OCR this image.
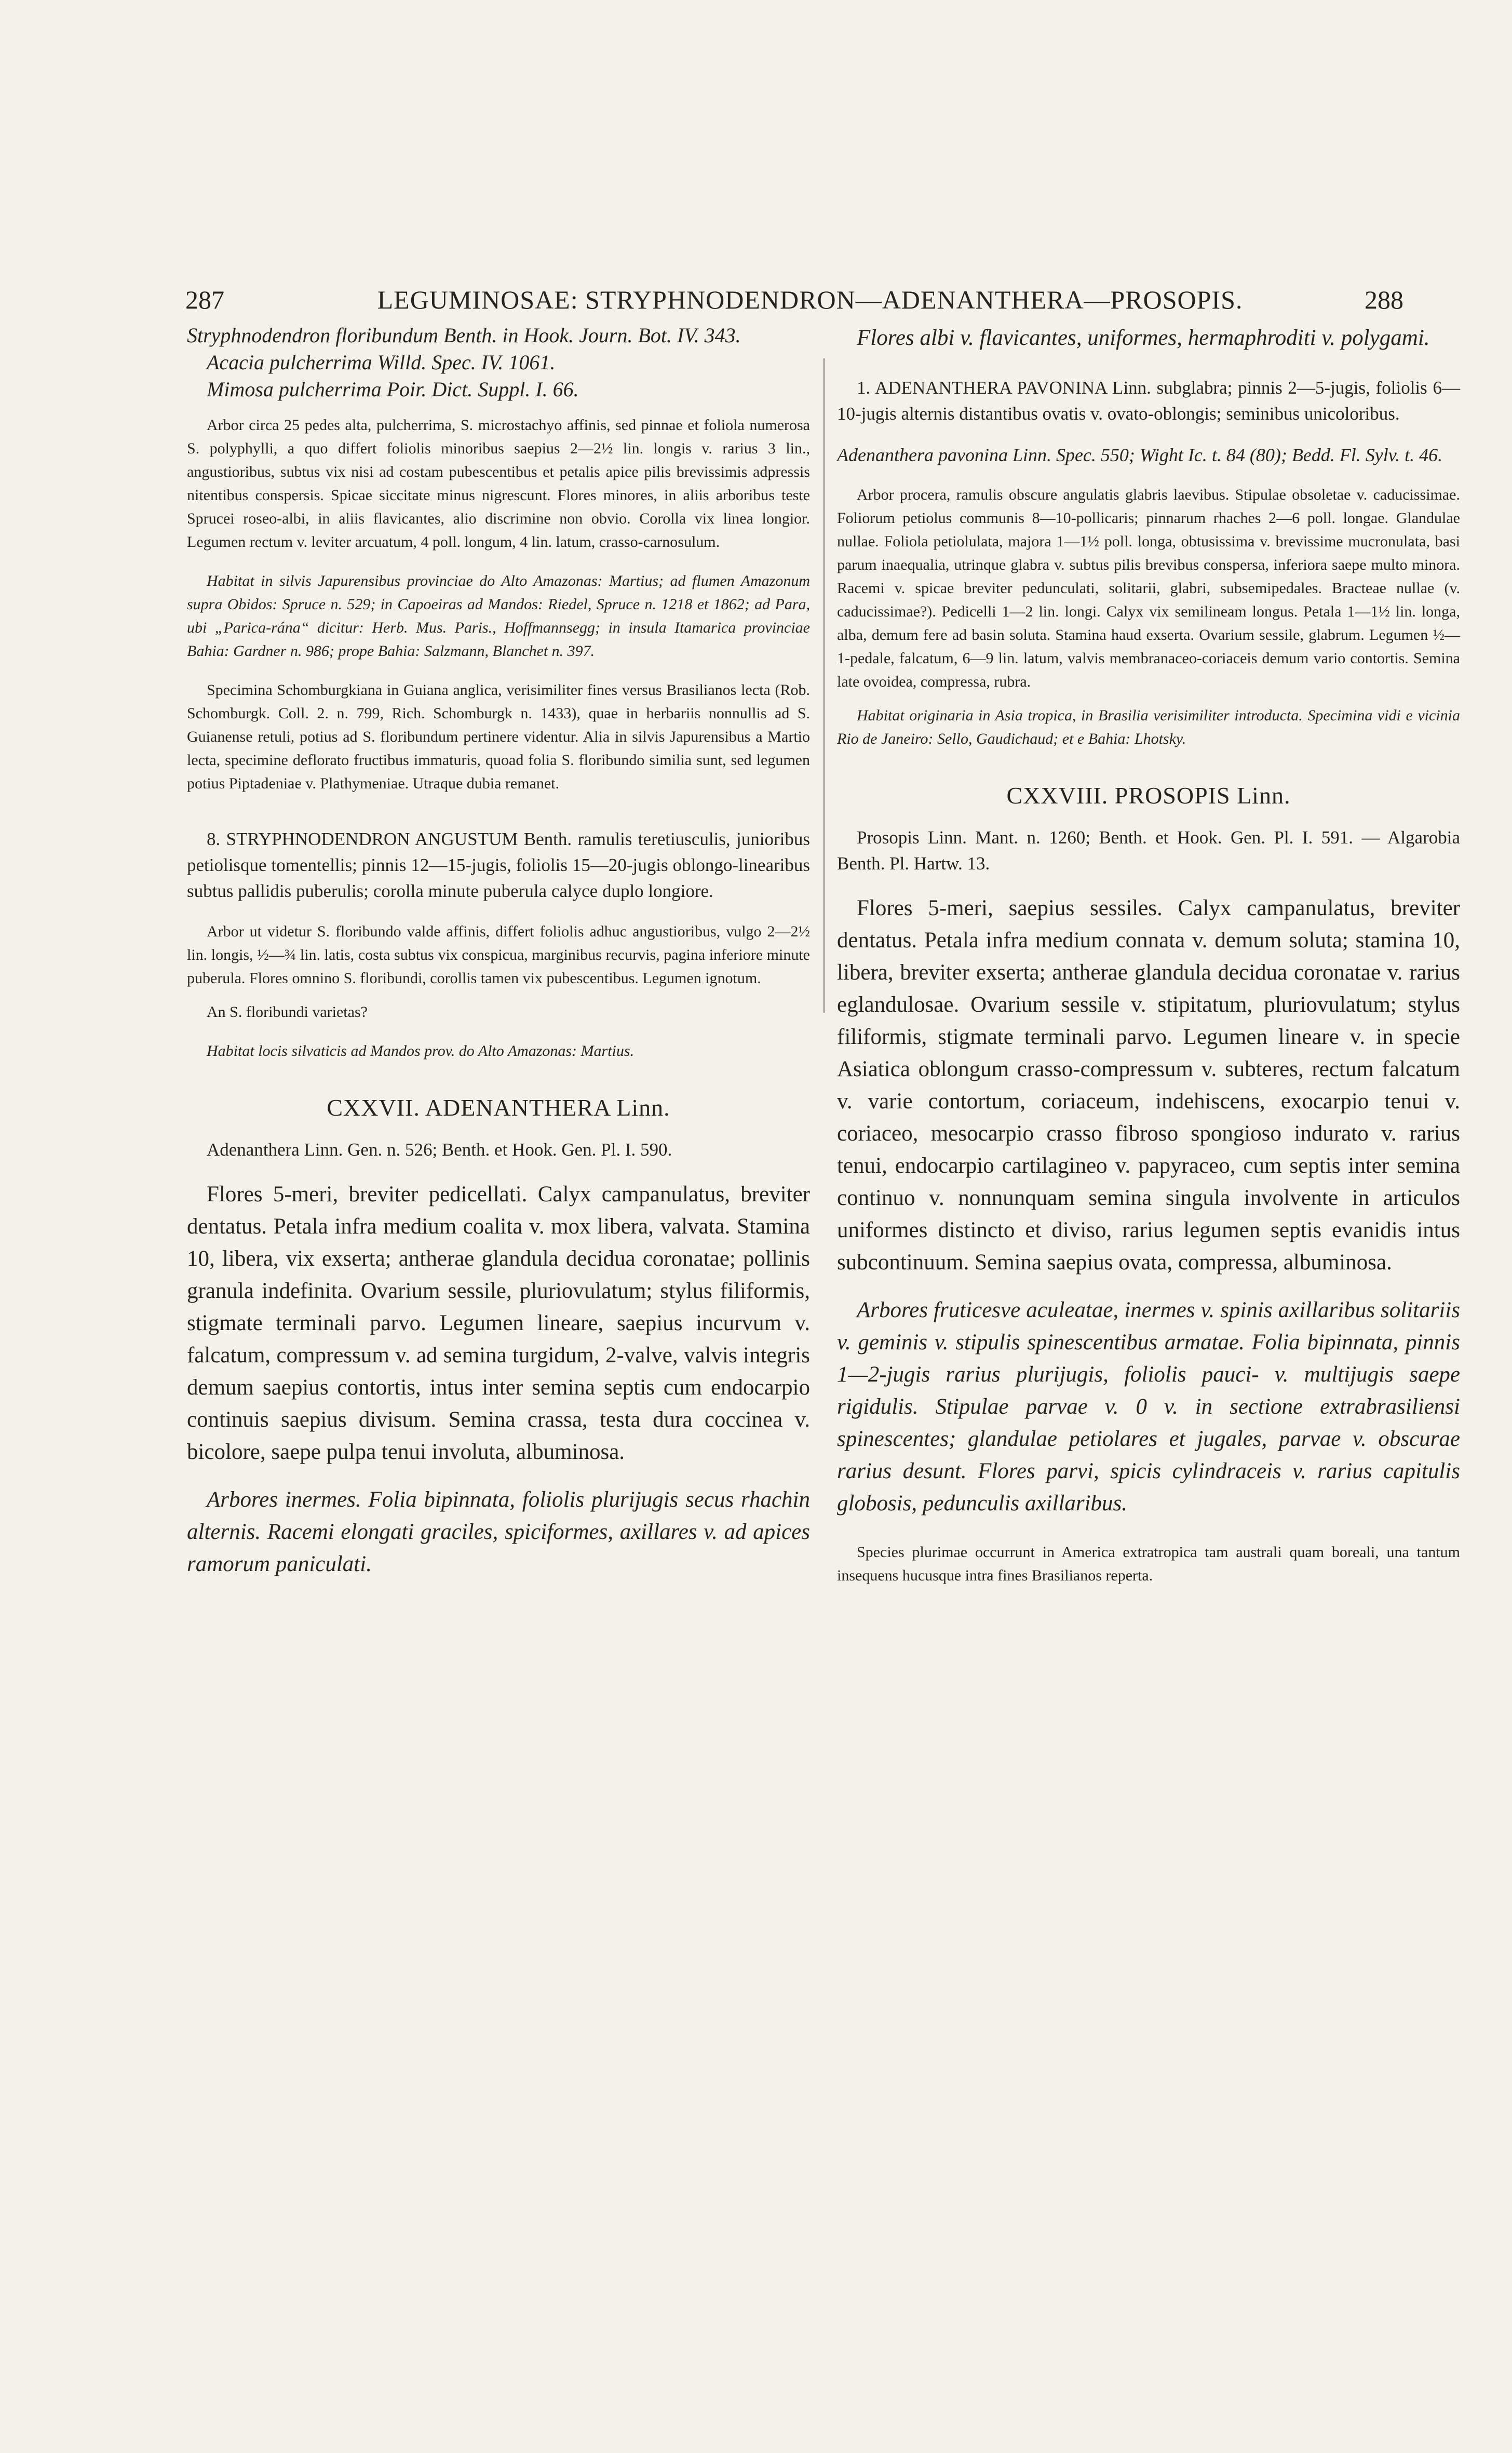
287	LEGUMINOSAE: STRYPHNODENDRON—ADENANTHERA—PROSOPIS.	288

Stryphnodendron floribundum Benth. in Hook. Journ. Bot. IV. 343.

Acacia pulcherrima Willd. Spec. IV. 1061.

Mimosa pulcherrima Poir. Dict. Suppl. I. 66.

Arbor circa 25 pedes alta, pulcherrima, S. microstachyo affinis, sed pinnae et foliola numerosa S. polyphylli, a quo differt foliolis minoribus saepius 2—2½ lin. longis v. rarius 3 lin., angustioribus, subtus vix nisi ad costam pubescentibus et petalis apice pilis brevissimis adpressis nitentibus conspersis. Spicae siccitate minus nigrescunt. Flores minores, in aliis arboribus teste Sprucei roseo-albi, in aliis flavicantes, alio discrimine non obvio. Corolla vix linea longior. Legumen rectum v. leviter arcuatum, 4 poll. longum, 4 lin. latum, crasso-carnosulum.

Habitat in silvis Japurensibus provinciae do Alto Amazonas: Martius; ad flumen Amazonum supra Obidos: Spruce n. 529; in Capoeiras ad Mandos: Riedel, Spruce n. 1218 et 1862; ad Para, ubi „Parica-rána“ dicitur: Herb. Mus. Paris., Hoffmannsegg; in insula Itamarica provinciae Bahia: Gardner n. 986; prope Bahia: Salzmann, Blanchet n. 397.

Specimina Schomburgkiana in Guiana anglica, verisimiliter fines versus Brasilianos lecta (Rob. Schomburgk. Coll. 2. n. 799, Rich. Schomburgk n. 1433), quae in herbariis nonnullis ad S. Guianense retuli, potius ad S. floribundum pertinere videntur. Alia in silvis Japurensibus a Martio lecta, specimine deflorato fructibus immaturis, quoad folia S. floribundo similia sunt, sed legumen potius Piptadeniae v. Plathymeniae. Utraque dubia remanet.

8. STRYPHNODENDRON ANGUSTUM Benth. ramulis teretiusculis, junioribus petiolisque tomentellis; pinnis 12—15-jugis, foliolis 15—20-jugis oblongo-linearibus subtus pallidis puberulis; corolla minute puberula calyce duplo longiore.

Arbor ut videtur S. floribundo valde affinis, differt foliolis adhuc angustioribus, vulgo 2—2½ lin. longis, ½—¾ lin. latis, costa subtus vix conspicua, marginibus recurvis, pagina inferiore minute puberula. Flores omnino S. floribundi, corollis tamen vix pubescentibus. Legumen ignotum.

An S. floribundi varietas?

Habitat locis silvaticis ad Mandos prov. do Alto Amazonas: Martius.

CXXVII. ADENANTHERA Linn.

Adenanthera Linn. Gen. n. 526; Benth. et Hook. Gen. Pl. I. 590.

Flores 5-meri, breviter pedicellati. Calyx campanulatus, breviter dentatus. Petala infra medium coalita v. mox libera, valvata. Stamina 10, libera, vix exserta; antherae glandula decidua coronatae; pollinis granula indefinita. Ovarium sessile, pluriovulatum; stylus filiformis, stigmate terminali parvo. Legumen lineare, saepius incurvum v. falcatum, compressum v. ad semina turgidum, 2-valve, valvis integris demum saepius contortis, intus inter semina septis cum endocarpio continuis saepius divisum. Semina crassa, testa dura coccinea v. bicolore, saepe pulpa tenui involuta, albuminosa.

Arbores inermes. Folia bipinnata, foliolis plurijugis secus rhachin alternis. Racemi elongati graciles, spiciformes, axillares v. ad apices ramorum paniculati.

Flores albi v. flavicantes, uniformes, hermaphroditi v. polygami.

1. ADENANTHERA PAVONINA Linn. subglabra; pinnis 2—5-jugis, foliolis 6—10-jugis alternis distantibus ovatis v. ovato-oblongis; seminibus unicoloribus.

Adenanthera pavonina Linn. Spec. 550; Wight Ic. t. 84 (80); Bedd. Fl. Sylv. t. 46.

Arbor procera, ramulis obscure angulatis glabris laevibus. Stipulae obsoletae v. caducissimae. Foliorum petiolus communis 8—10-pollicaris; pinnarum rhaches 2—6 poll. longae. Glandulae nullae. Foliola petiolulata, majora 1—1½ poll. longa, obtusissima v. brevissime mucronulata, basi parum inaequalia, utrinque glabra v. subtus pilis brevibus conspersa, inferiora saepe multo minora. Racemi v. spicae breviter pedunculati, solitarii, glabri, subsemipedales. Bracteae nullae (v. caducissimae?). Pedicelli 1—2 lin. longi. Calyx vix semilineam longus. Petala 1—1½ lin. longa, alba, demum fere ad basin soluta. Stamina haud exserta. Ovarium sessile, glabrum. Legumen ½—1-pedale, falcatum, 6—9 lin. latum, valvis membranaceo-coriaceis demum vario contortis. Semina late ovoidea, compressa, rubra.

Habitat originaria in Asia tropica, in Brasilia verisimiliter introducta. Specimina vidi e vicinia Rio de Janeiro: Sello, Gaudichaud; et e Bahia: Lhotsky.

CXXVIII. PROSOPIS Linn.

Prosopis Linn. Mant. n. 1260; Benth. et Hook. Gen. Pl. I. 591. — Algarobia Benth. Pl. Hartw. 13.

Flores 5-meri, saepius sessiles. Calyx campanulatus, breviter dentatus. Petala infra medium connata v. demum soluta; stamina 10, libera, breviter exserta; antherae glandula decidua coronatae v. rarius eglandulosae. Ovarium sessile v. stipitatum, pluriovulatum; stylus filiformis, stigmate terminali parvo. Legumen lineare v. in specie Asiatica oblongum crasso-compressum v. subteres, rectum falcatum v. varie contortum, coriaceum, indehiscens, exocarpio tenui v. coriaceo, mesocarpio crasso fibroso spongioso indurato v. rarius tenui, endocarpio cartilagineo v. papyraceo, cum septis inter semina continuo v. nonnunquam semina singula involvente in articulos uniformes distincto et diviso, rarius legumen septis evanidis intus subcontinuum. Semina saepius ovata, compressa, albuminosa.

Arbores fruticesve aculeatae, inermes v. spinis axillaribus solitariis v. geminis v. stipulis spinescentibus armatae. Folia bipinnata, pinnis 1—2-jugis rarius plurijugis, foliolis pauci- v. multijugis saepe rigidulis. Stipulae parvae v. 0 v. in sectione extrabrasiliensi spinescentes; glandulae petiolares et jugales, parvae v. obscurae rarius desunt. Flores parvi, spicis cylindraceis v. rarius capitulis globosis, pedunculis axillaribus.

Species plurimae occurrunt in America extratropica tam australi quam boreali, una tantum insequens hucusque intra fines Brasilianos reperta.
